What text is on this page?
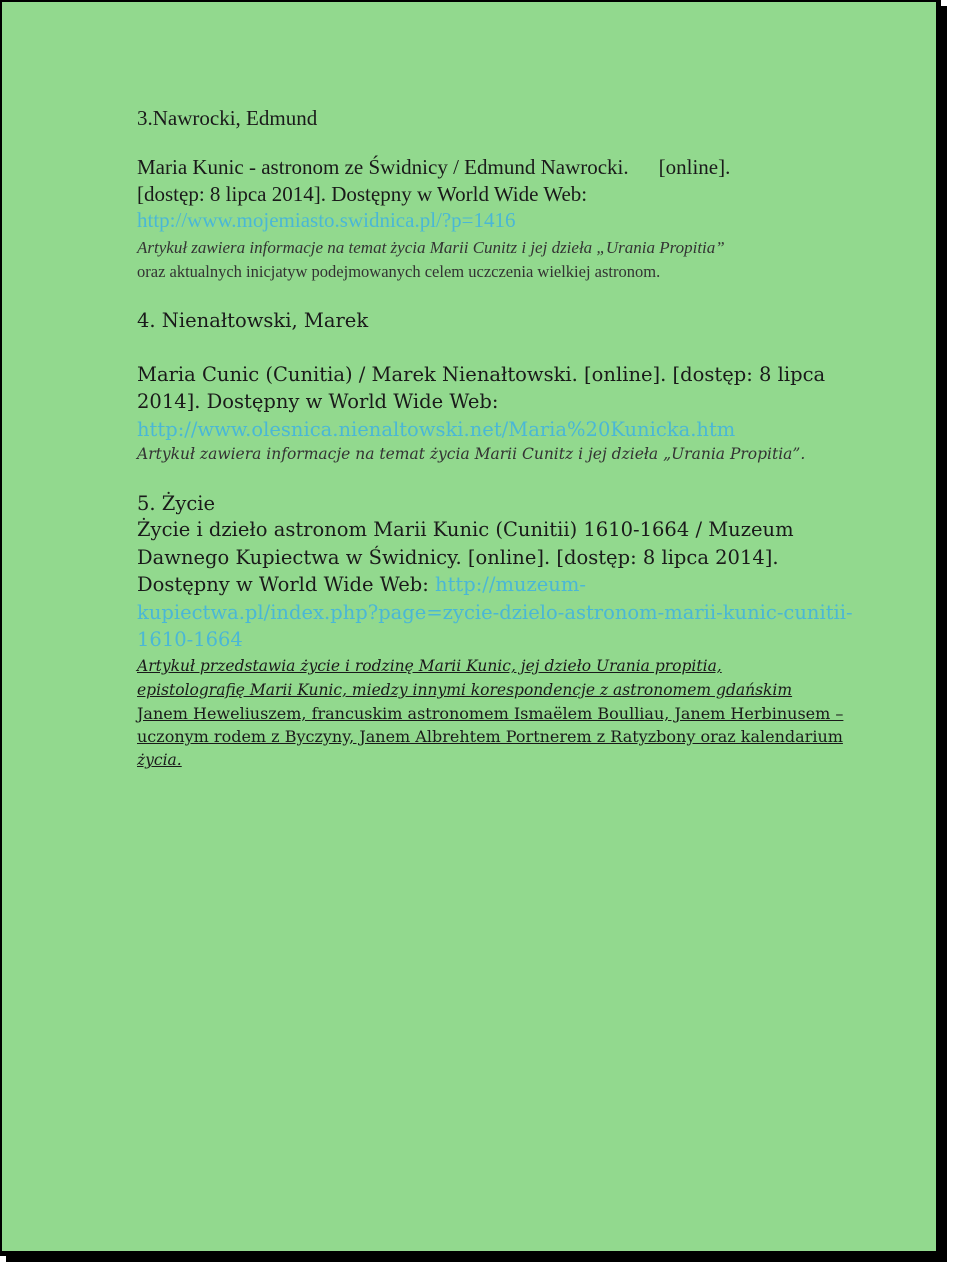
3.Nawrocki, Edmund
Maria Kunic - astronom ze Świdnicy / Edmund Nawrocki. [online].
[dostęp: 8 lipca 2014]. Dostępny w World Wide Web:
http://www.mojemiasto.swidnica.pl/?p=1416
Artykuł zawiera informacje na temat życia Marii Cunitz i jej dzieła „Urania Propitia”
oraz aktualnych inicjatyw podejmowanych celem uczczenia wielkiej astronom.
4. Nienałtowski, Marek
Maria Cunic (Cunitia) / Marek Nienałtowski. [online]. [dostęp: 8 lipca
2014]. Dostępny w World Wide Web:
http://www.olesnica.nienaltowski.net/Maria%20Kunicka.htm
Artykuł zawiera informacje na temat życia Marii Cunitz i jej dzieła „Urania Propitia”.
5. Życie
Życie i dzieło astronom Marii Kunic (Cunitii) 1610-1664 / Muzeum
Dawnego Kupiectwa w Świdnicy. [online]. [dostęp: 8 lipca 2014].
Dostępny w World Wide Web: http://muzeum-
kupiectwa.pl/index.php?page=zycie-dzielo-astronom-marii-kunic-cunitii-
1610-1664
Artykuł przedstawia życie i rodzinę Marii Kunic, jej dzieło Urania propitia,
epistolografię Marii Kunic, miedzy innymi korespondencje z astronomem gdańskim
Janem Heweliuszem, francuskim astronomem Ismaëlem Boulliau, Janem Herbinusem –
uczonym rodem z Byczyny, Janem Albrehtem Portnerem z Ratyzbony oraz kalendarium
życia.
